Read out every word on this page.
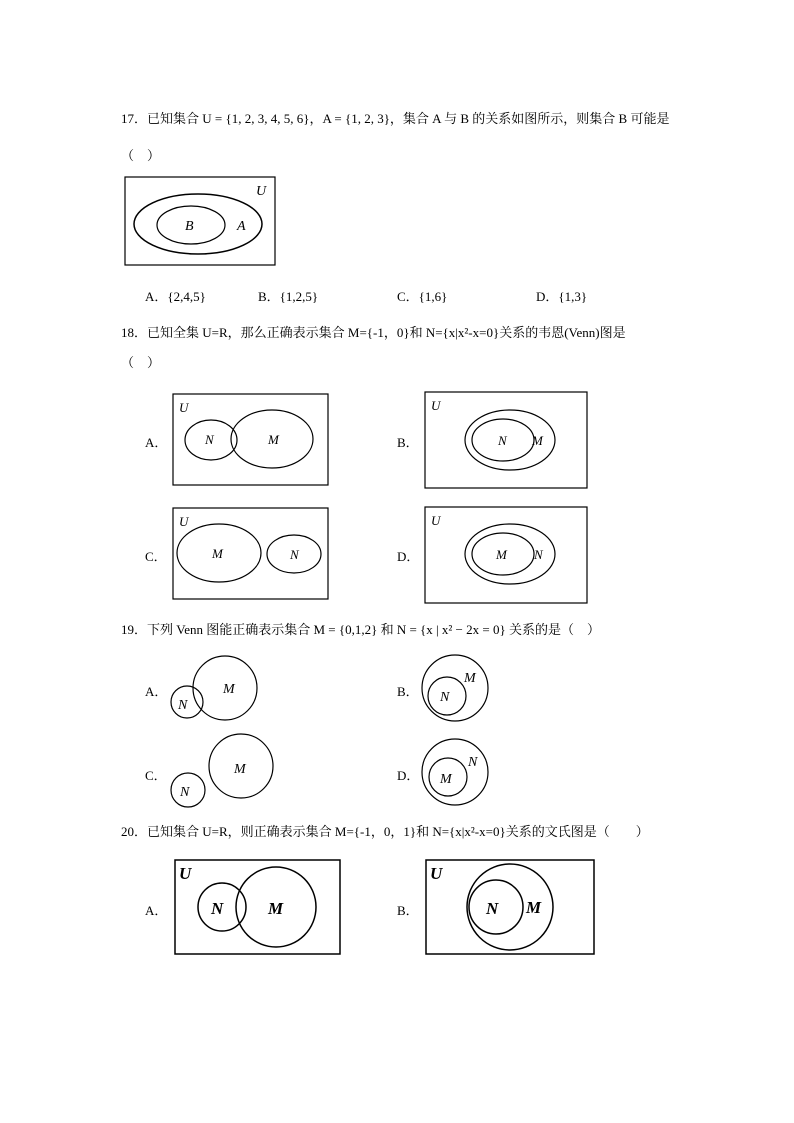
17．已知集合 U = {1, 2, 3, 4, 5, 6}，A = {1, 2, 3}，集合 A 与 B 的关系如图所示，则集合 B 可能是
（　）
U
B	A
A．{2,4,5}	B．{1,2,5}	C．{1,6}	D．{1,3}
18．已知全集 U=R，那么正确表示集合 M={-1，0}和 N={x|x²-x=0}关系的韦恩(Venn)图是
（　）
A．
U
N	M	B．
U
N M
C．
U
M	N	D．
U
M N
19．下列 Venn 图能正确表示集合 M = {0,1,2} 和 N = {x | x² − 2x = 0} 关系的是（　）
A．	M
N
B．
M
N
C．	M
N
D．
N
M
20．已知集合 U=R，则正确表示集合 M={-1，0，1}和 N={x|x²-x=0}关系的文氏图是（　　）
A．
U
N	M	B．
U
N M
